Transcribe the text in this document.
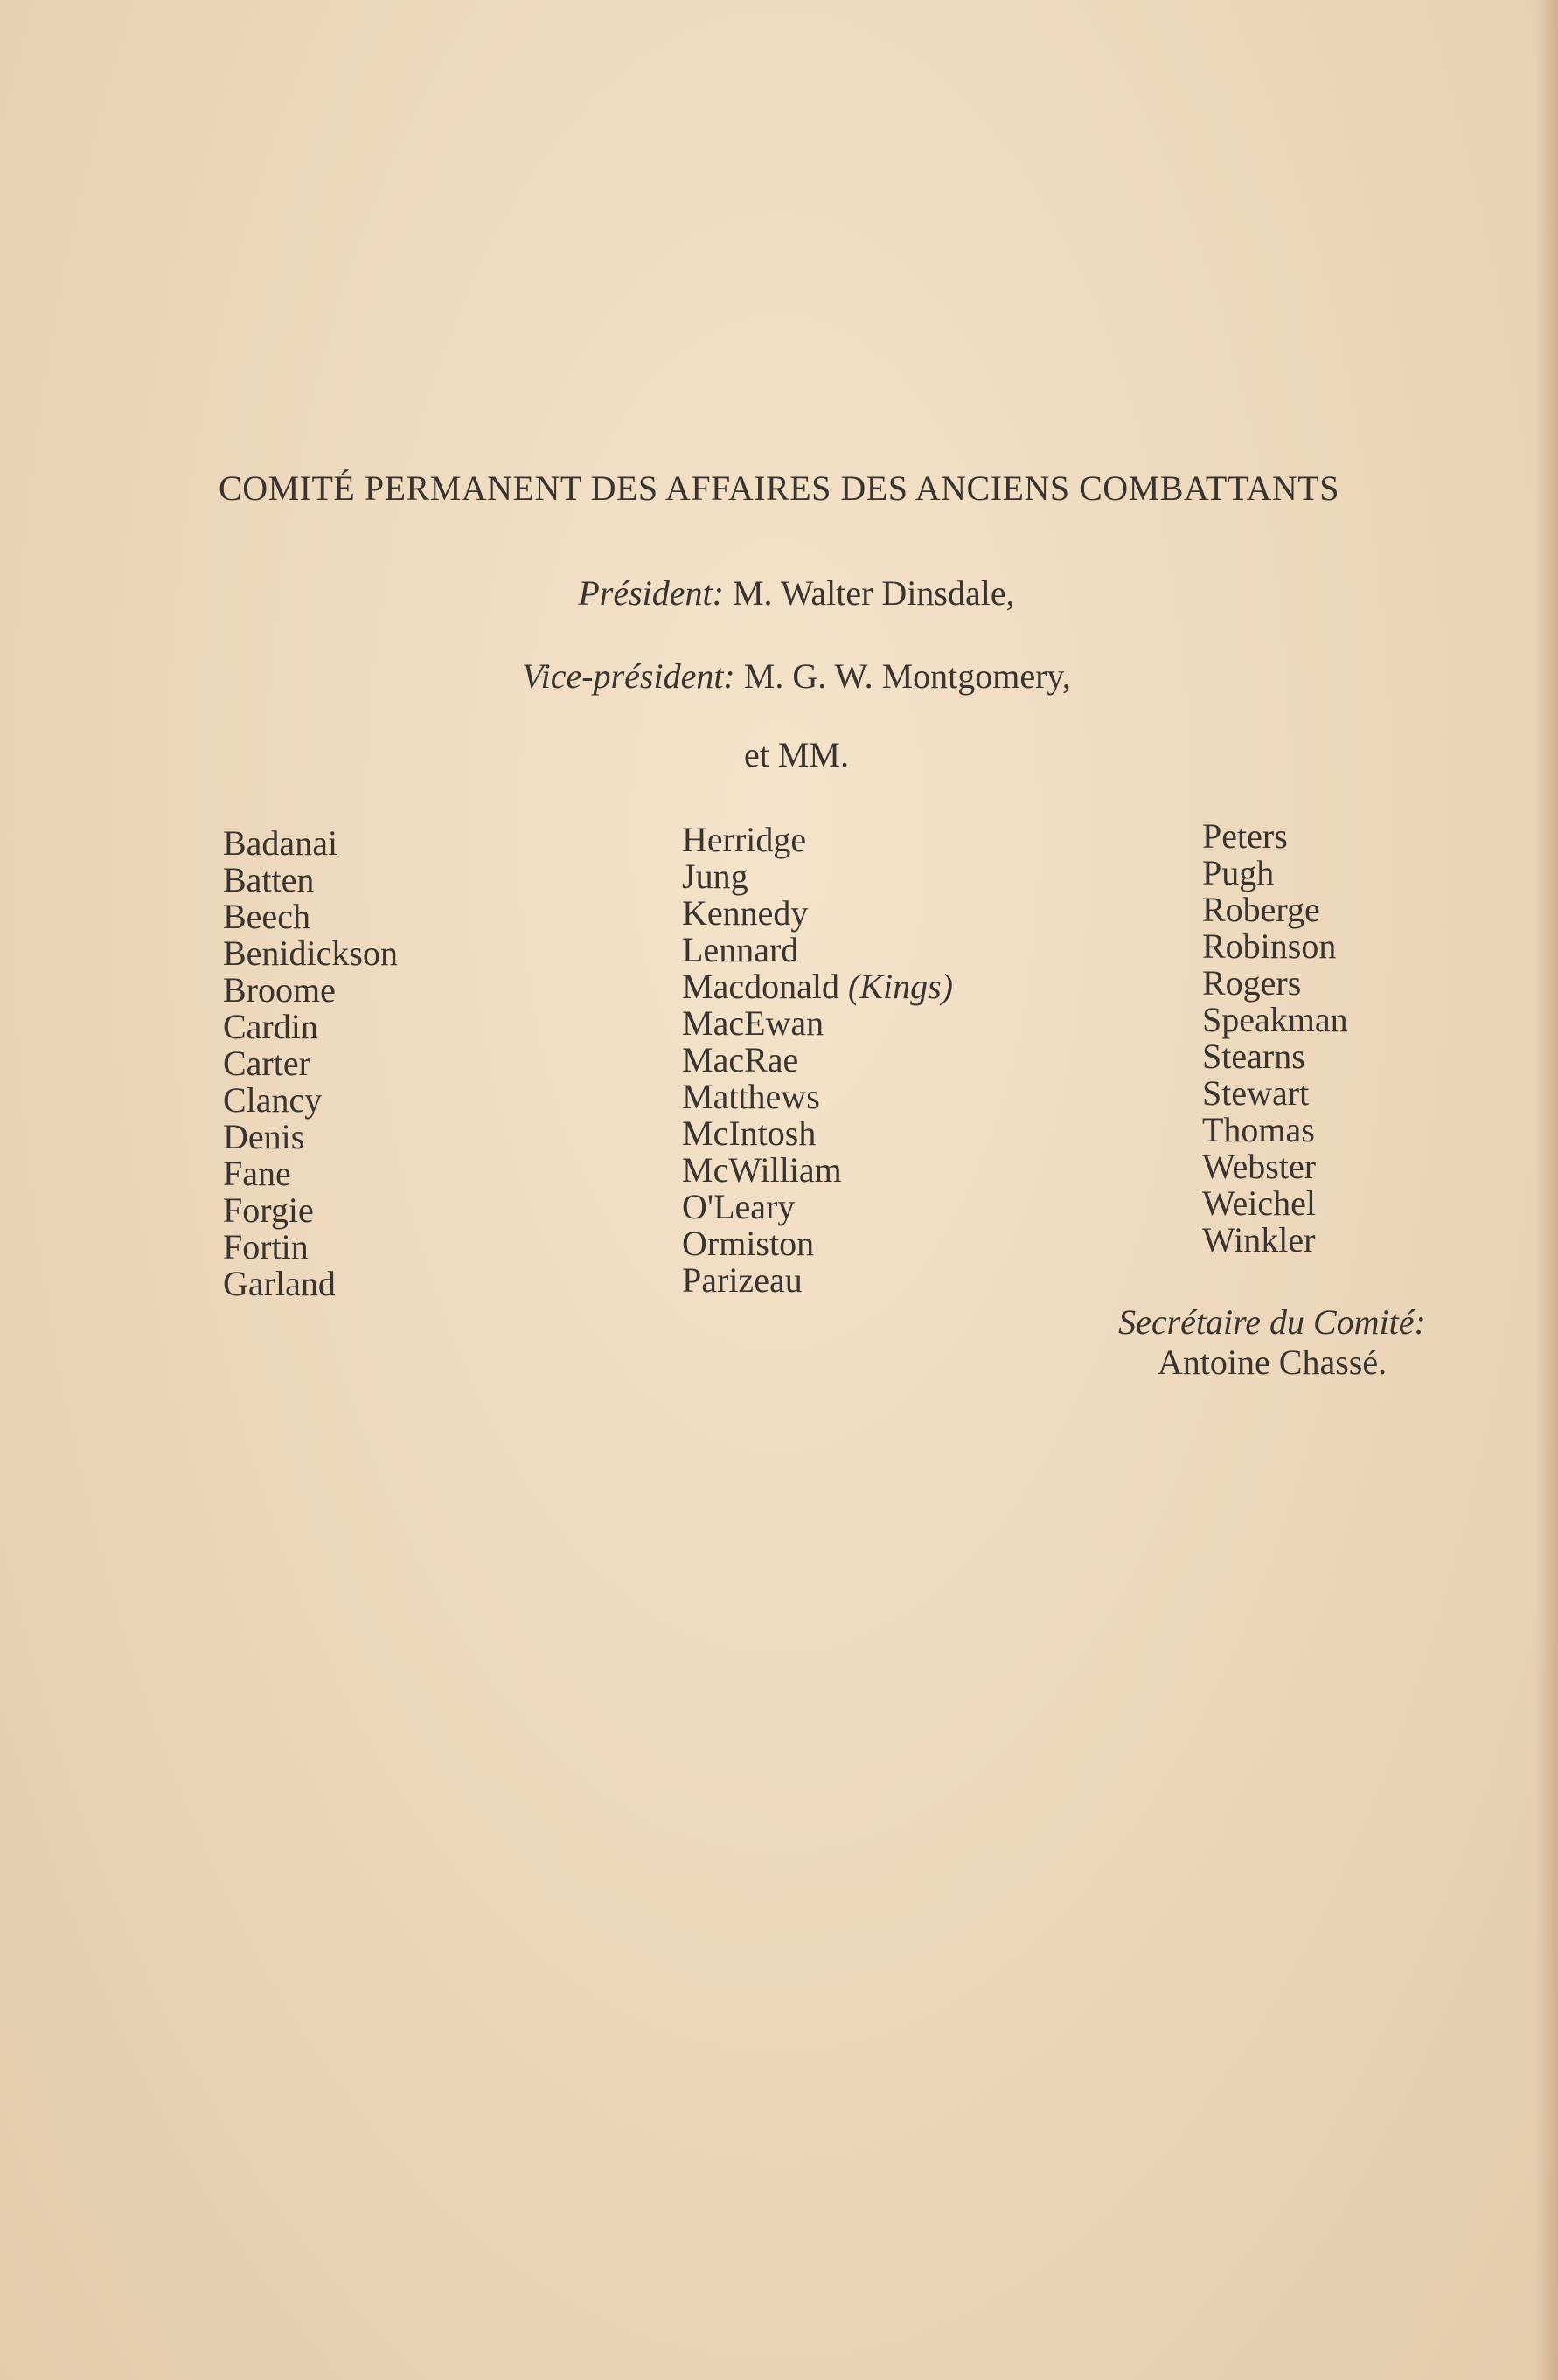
COMITÉ PERMANENT DES AFFAIRES DES ANCIENS COMBATTANTS
Président: M. Walter Dinsdale,
Vice-président: M. G. W. Montgomery,
et MM.
Badanai
Batten
Beech
Benidickson
Broome
Cardin
Carter
Clancy
Denis
Fane
Forgie
Fortin
Garland
Herridge
Jung
Kennedy
Lennard
Macdonald (Kings)
MacEwan
MacRae
Matthews
McIntosh
McWilliam
O'Leary
Ormiston
Parizeau
Peters
Pugh
Roberge
Robinson
Rogers
Speakman
Stearns
Stewart
Thomas
Webster
Weichel
Winkler
Secrétaire du Comité:
Antoine Chassé.
